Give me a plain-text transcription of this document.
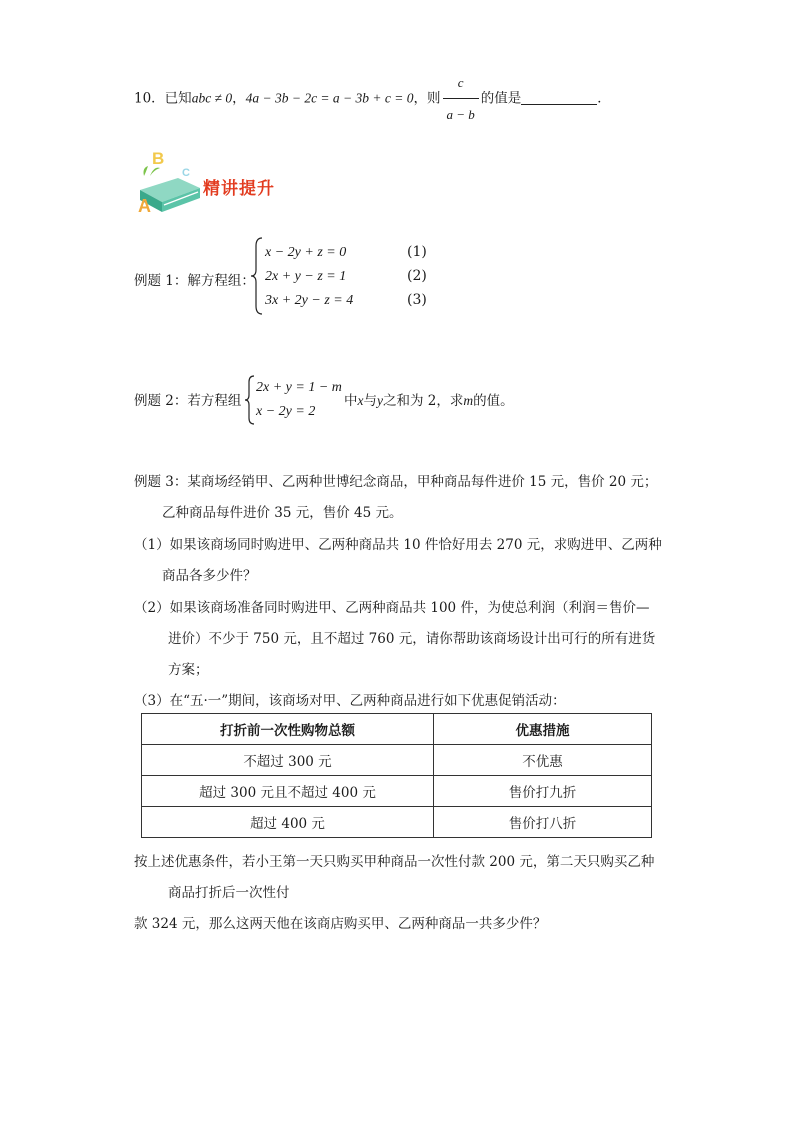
10．已知abc ≠ 0，4a − 3b − 2c = a − 3b + c = 0，则 $\frac{c}{a - b}$ 的值是	．
B
C
A
精讲提升
例题 1：解方程组：
x − 2y + z = 0	(1)
2x + y − z = 1	(2)
3x + 2y − z = 4	(3)
例题 2：若方程组
2x + y = 1 − m
x − 2y = 2
中x与y之和为 2，求m的值。
例题 3：某商场经销甲、乙两种世博纪念商品，甲种商品每件进价 15 元，售价 20 元；
乙种商品每件进价 35 元，售价 45 元。
（1）如果该商场同时购进甲、乙两种商品共 10 件恰好用去 270 元，求购进甲、乙两种
商品各多少件？
（2）如果该商场准备同时购进甲、乙两种商品共 100 件，为使总利润（利润＝售价—
进价）不少于 750 元，且不超过 760 元，请你帮助该商场设计出可行的所有进货
方案；
（3）在“五·一”期间，该商场对甲、乙两种商品进行如下优惠促销活动：
打折前一次性购物总额	优惠措施
不超过 300 元	不优惠
超过 300 元且不超过 400 元	售价打九折
超过 400 元	售价打八折
按上述优惠条件，若小王第一天只购买甲种商品一次性付款 200 元，第二天只购买乙种
商品打折后一次性付
款 324 元，那么这两天他在该商店购买甲、乙两种商品一共多少件？
